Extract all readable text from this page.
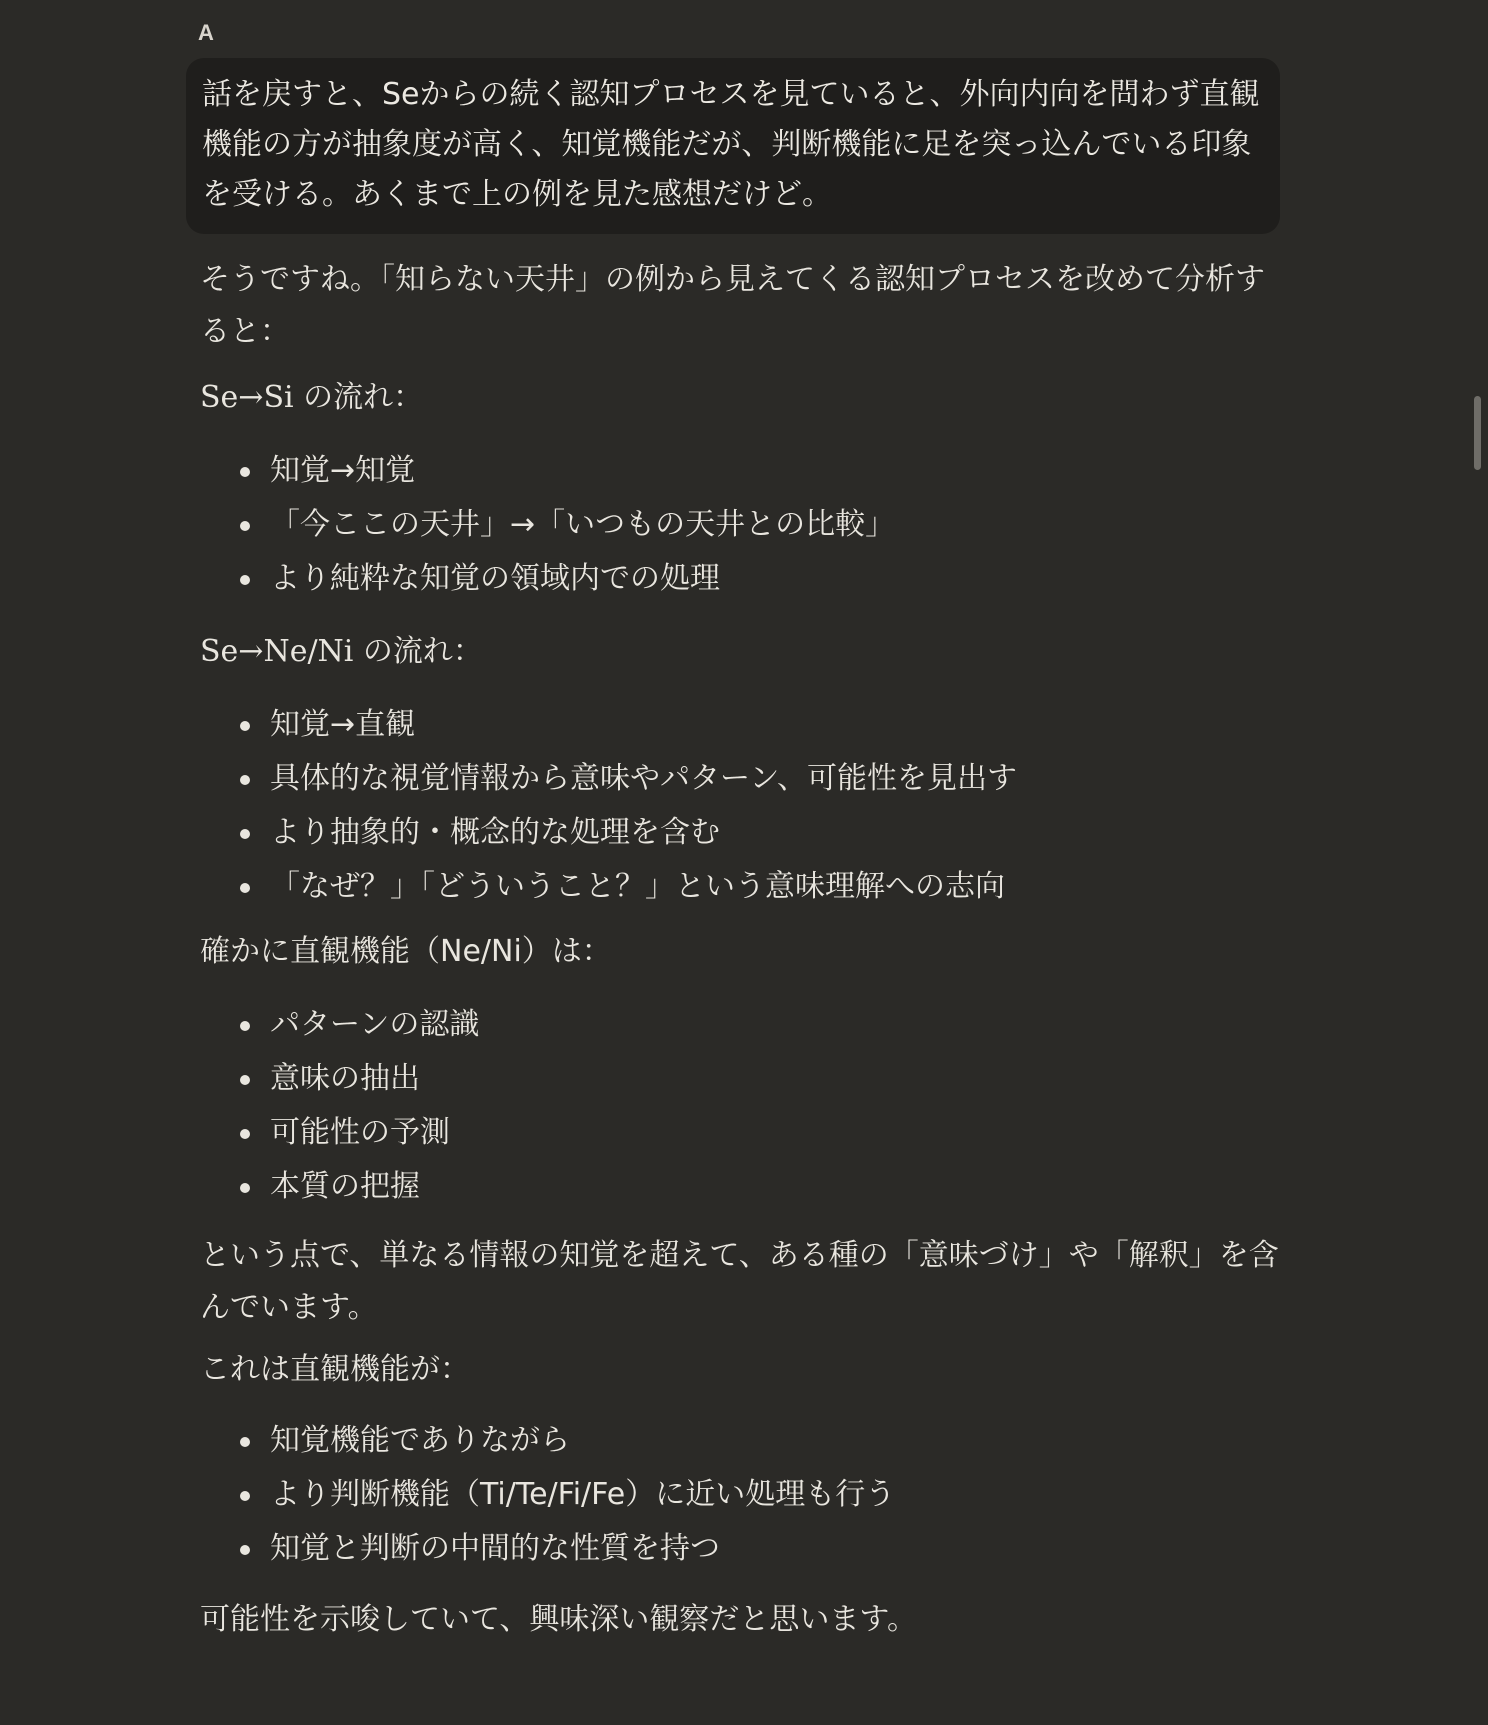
A
話を戻すと、Seからの続く認知プロセスを見ていると、外向内向を問わず直観機能の方が抽象度が高く、知覚機能だが、判断機能に足を突っ込んでいる印象を受ける。あくまで上の例を見た感想だけど。

そうですね。「知らない天井」の例から見えてくる認知プロセスを改めて分析すると：

Se→Si の流れ：

知覚→知覚
「今ここの天井」→「いつもの天井との比較」
より純粋な知覚の領域内での処理

Se→Ne/Ni の流れ：

知覚→直観
具体的な視覚情報から意味やパターン、可能性を見出す
より抽象的・概念的な処理を含む
「なぜ？」「どういうこと？」という意味理解への志向

確かに直観機能（Ne/Ni）は：

パターンの認識
意味の抽出
可能性の予測
本質の把握

という点で、単なる情報の知覚を超えて、ある種の「意味づけ」や「解釈」を含んでいます。

これは直観機能が：

知覚機能でありながら
より判断機能（Ti/Te/Fi/Fe）に近い処理も行う
知覚と判断の中間的な性質を持つ

可能性を示唆していて、興味深い観察だと思います。
